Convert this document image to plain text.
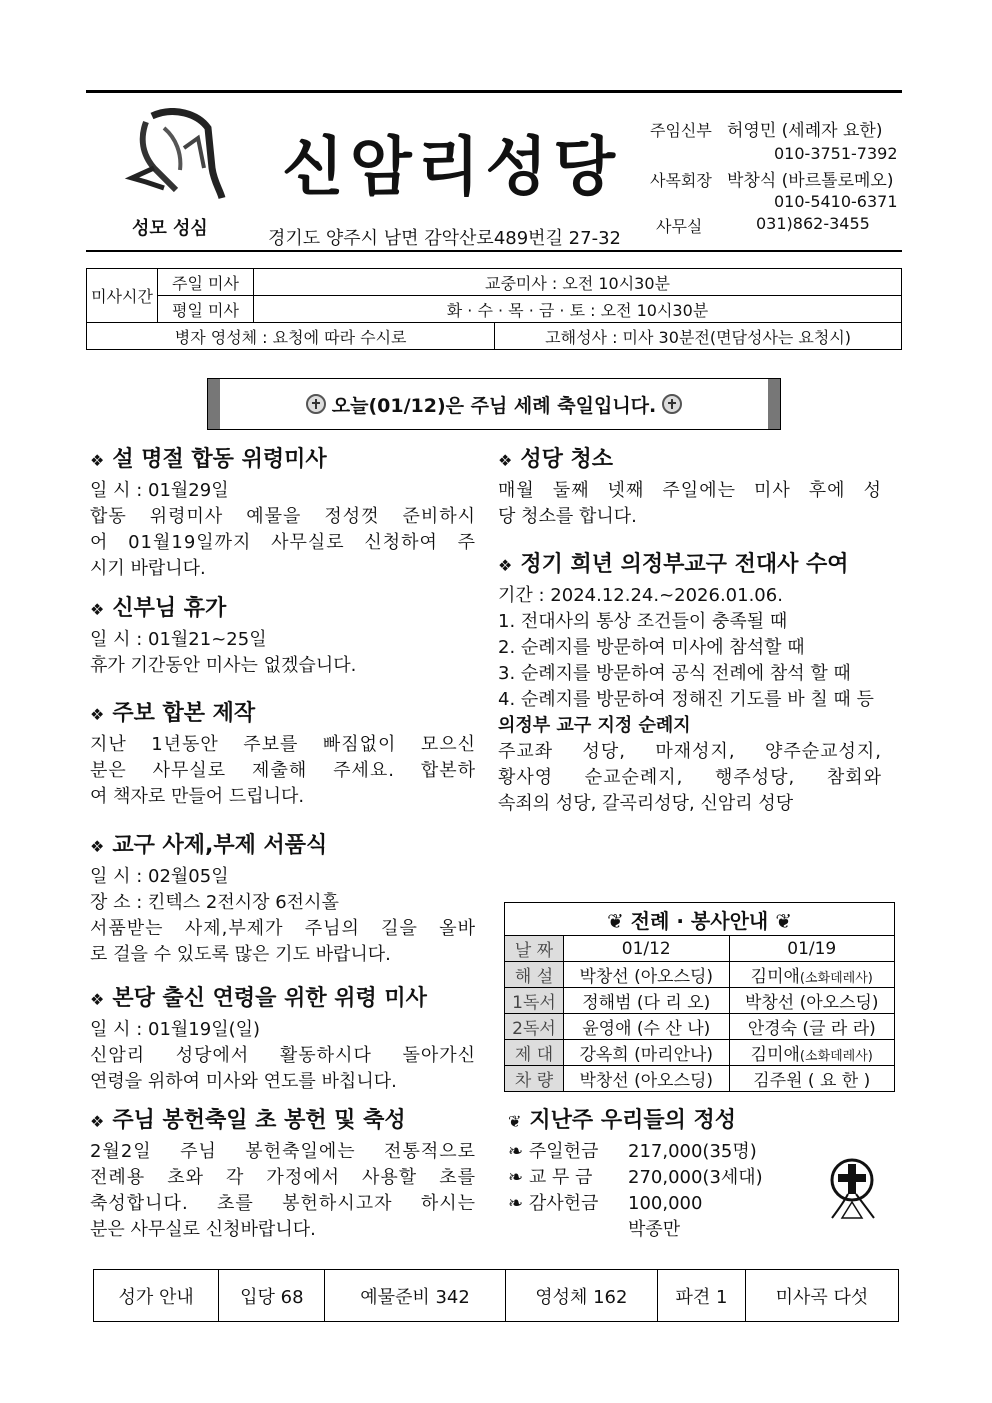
신암리성당
성모 성심	경기도 양주시 남면 감악산로489번길 27-32
주임신부 허영민 (세례자 요한)
010-3751-7392
사목회장 박창식 (바르톨로메오)
010-5410-6371
사무실	031)862-3455
미사시간	주일 미사	교중미사 : 오전 10시30분	
	평일 미사	화 · 수 · 목 · 금 · 토 : 오전 10시30분	
병자 영성체 : 요청에 따라 수시로			고해성사 : 미사 30분전(면담성사는 요청시)
오늘(01/12)은 주님 세례 축일입니다.
❖ 설 명절 합동 위령미사

일 시 : 01월29일

합동 위령미사 예물을 정성껏 준비하시

어 01월19일까지 사무실로 신청하여 주

시기 바랍니다.

❖ 신부님 휴가

일 시 : 01월21~25일

휴가 기간동안 미사는 없겠습니다.

❖ 주보 합본 제작

지난 1년동안 주보를 빠짐없이 모으신

분은 사무실로 제출해 주세요. 합본하

여 책자로 만들어 드립니다.

❖ 교구 사제,부제 서품식

일 시 : 02월05일

장 소 : 킨텍스 2전시장 6전시홀

서품받는 사제,부제가 주님의 길을 올바

로 걸을 수 있도록 많은 기도 바랍니다.

❖ 본당 출신 연령을 위한 위령 미사

일 시 : 01월19일(일)

신암리 성당에서 활동하시다 돌아가신

연령을 위하여 미사와 연도를 바칩니다.

❖ 주님 봉헌축일 초 봉헌 및 축성

2월2일 주님 봉헌축일에는 전통적으로

전례용 초와 각 가정에서 사용할 초를

축성합니다. 초를 봉헌하시고자 하시는

분은 사무실로 신청바랍니다.

❖ 성당 청소

매월 둘째 넷째 주일에는 미사 후에 성

당 청소를 합니다.

❖ 정기 희년 의정부교구 전대사 수여

기간 : 2024.12.24.~2026.01.06.

1. 전대사의 통상 조건들이 충족될 때

2. 순례지를 방문하여 미사에 참석할 때

3. 순례지를 방문하여 공식 전례에 참석 할 때

4. 순례지를 방문하여 정해진 기도를 바 칠 때 등

의정부 교구 지정 순례지

주교좌 성당, 마재성지, 양주순교성지,

황사영 순교순례지, 행주성당, 참회와

속죄의 성당, 갈곡리성당, 신암리 성당

❦ 전례 · 봉사안내 ❦		
날 짜	01/12	01/19
해 설	박창선 (아오스딩)	김미애(소화데레사)
1독서	정해범 (다 리 오)	박창선 (아오스딩)
2독서	윤영애 (수 산 나)	안경숙 (글 라 라)
제 대	강옥희 (마리안나)	김미애(소화데레사)
차 량	박창선 (아오스딩)	김주원 ( 요 한 )
❦ 지난주 우리들의 정성
❧ 주일헌금	217,000(35명)
❧ 교 무 금	270,000(3세대)
❧ 감사헌금	100,000
박종만
성가 안내	입당 68	예물준비 342	영성체 162	파견 1	미사곡 다섯
